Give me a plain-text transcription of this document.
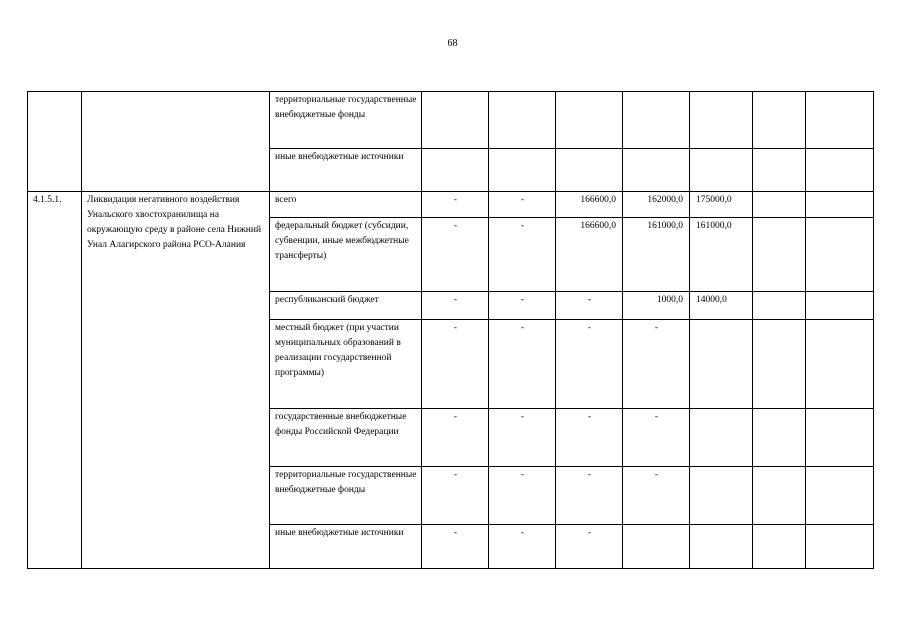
68
		территориальные государственные внебюджетные фонды							
		иные внебюджетные источники							
4.1.5.1.	Ликвидация негативного воздействия Унальского хвостохранилища на окружающую среду в районе села Нижний Унал Алагирского района РСО-Алания	всего	-	-	166600,0	162000,0	175000,0		
		федеральный бюджет (субсидии, субвенции, иные межбюджетные трансферты)	-	-	166600,0	161000,0	161000,0		
		республиканский бюджет	-	-	-	1000,0	14000,0		
		местный бюджет (при участии муниципальных образований в реализации государственной программы)	-	-	-	-			
		государственные внебюджетные фонды Российской Федерации	-	-	-	-			
		территориальные государственные внебюджетные фонды	-	-	-	-			
		иные внебюджетные источники	-	-	-				
